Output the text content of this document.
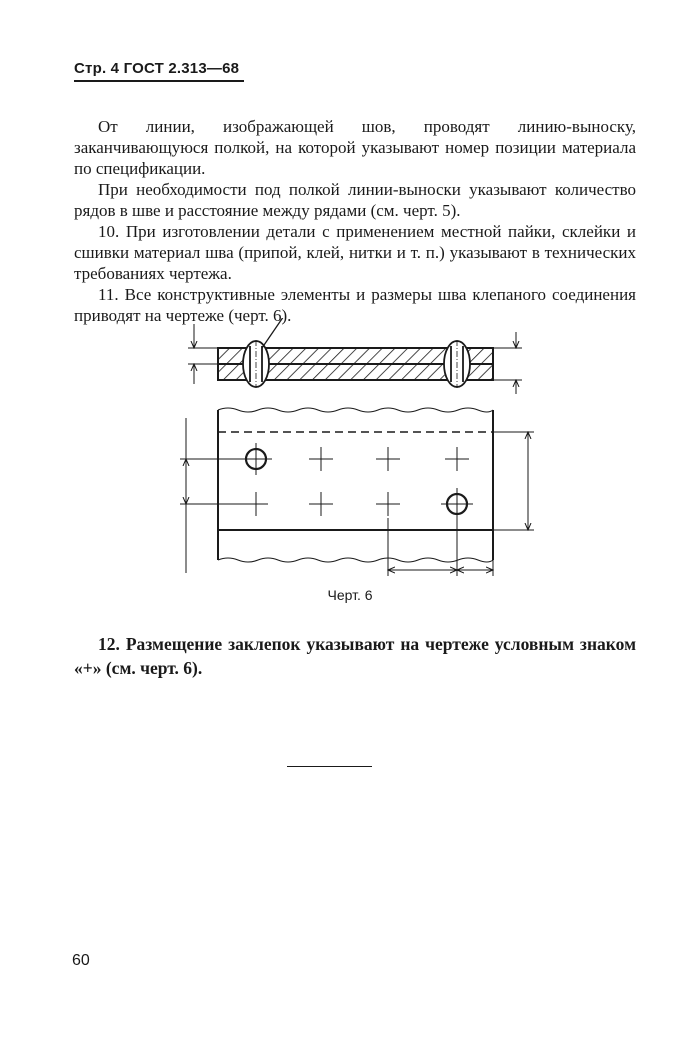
Стр. 4 ГОСТ 2.313—68

От линии, изображающей шов, проводят линию-выноску, заканчивающуюся полкой, на которой указывают номер позиции материала по спецификации.

При необходимости под полкой линии-выноски указывают количество рядов в шве и расстояние между рядами (см. черт. 5).

10. При изготовлении детали с применением местной пайки, склейки и сшивки материал шва (припой, клей, нитки и т. п.) указывают в технических требованиях чертежа.

11. Все конструктивные элементы и размеры шва клепаного соединения приводят на чертеже (черт. 6).

Черт. 6

12. Размещение заклепок указывают на чертеже условным знаком «+» (см. черт. 6).

60
